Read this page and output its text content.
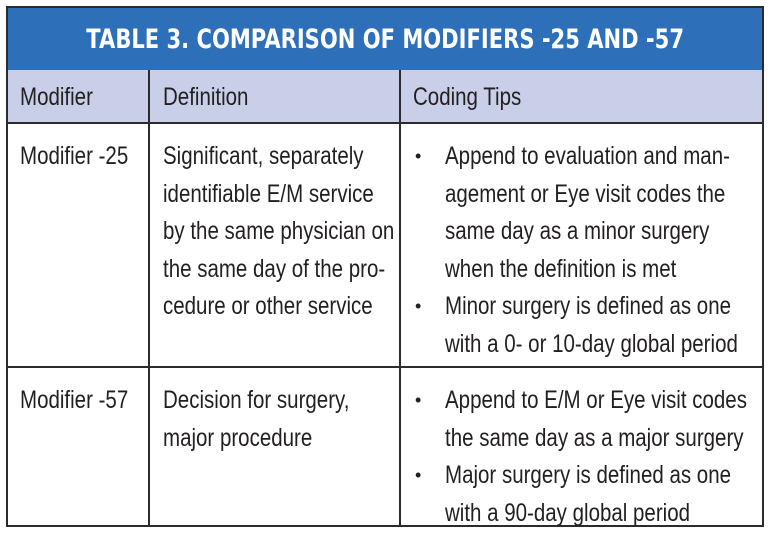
TABLE 3. COMPARISON OF MODIFIERS -25 AND -57
Modifier	Definition	Coding Tips
Modifier -25 Significant, separately
identifiable E/M service
by the same physician on
the same day of the pro-
cedure or other service
• Append to evaluation and man-
agement or Eye visit codes the
same day as a minor surgery
when the definition is met
• Minor surgery is defined as one
with a 0- or 10-day global period
Modifier -57 Decision for surgery,
major procedure
• Append to E/M or Eye visit codes
the same day as a major surgery
• Major surgery is defined as one
with a 90-day global period
